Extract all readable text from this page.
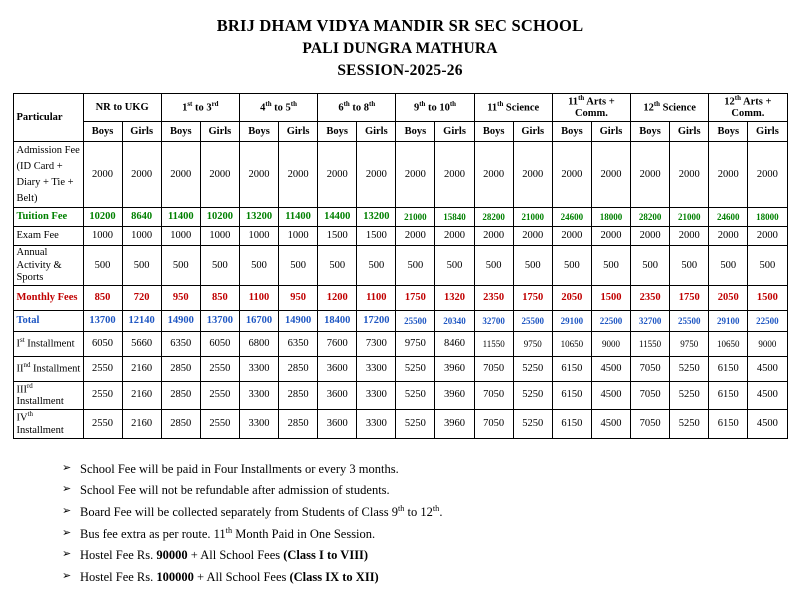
BRIJ DHAM VIDYA MANDIR SR SEC SCHOOL
PALI DUNGRA MATHURA
SESSION-2025-26
Particular	NR to UKG		1st to 3rd		4th to 5th		6th to 8th		9th to 10th		11th Science		11th Arts + Comm.		12th Science		12th Arts + Comm.	
	Boys	Girls	Boys	Girls	Boys	Girls	Boys	Girls	Boys	Girls	Boys	Girls	Boys	Girls	Boys	Girls	Boys	Girls
Admission Fee (ID Card + Diary + Tie + Belt)	2000	2000	2000	2000	2000	2000	2000	2000	2000	2000	2000	2000	2000	2000	2000	2000	2000	2000
Tuition Fee	10200	8640	11400	10200	13200	11400	14400	13200	21000	15840	28200	21000	24600	18000	28200	21000	24600	18000
Exam Fee	1000	1000	1000	1000	1000	1000	1500	1500	2000	2000	2000	2000	2000	2000	2000	2000	2000	2000
Annual Activity & Sports	500	500	500	500	500	500	500	500	500	500	500	500	500	500	500	500	500	500
Monthly Fees	850	720	950	850	1100	950	1200	1100	1750	1320	2350	1750	2050	1500	2350	1750	2050	1500
Total	13700	12140	14900	13700	16700	14900	18400	17200	25500	20340	32700	25500	29100	22500	32700	25500	29100	22500
Ist Installment	6050	5660	6350	6050	6800	6350	7600	7300	9750	8460	11550	9750	10650	9000	11550	9750	10650	9000
IInd Installment	2550	2160	2850	2550	3300	2850	3600	3300	5250	3960	7050	5250	6150	4500	7050	5250	6150	4500
IIIrd Installment	2550	2160	2850	2550	3300	2850	3600	3300	5250	3960	7050	5250	6150	4500	7050	5250	6150	4500
IVth Installment	2550	2160	2850	2550	3300	2850	3600	3300	5250	3960	7050	5250	6150	4500	7050	5250	6150	4500
➢ School Fee will be paid in Four Installments or every 3 months.
➢ School Fee will not be refundable after admission of students.
➢ Board Fee will be collected separately from Students of Class 9th to 12th.
➢ Bus fee extra as per route. 11th Month Paid in One Session.
➢ Hostel Fee Rs. 90000 + All School Fees (Class I to VIII)
➢ Hostel Fee Rs. 100000 + All School Fees (Class IX to XII)
